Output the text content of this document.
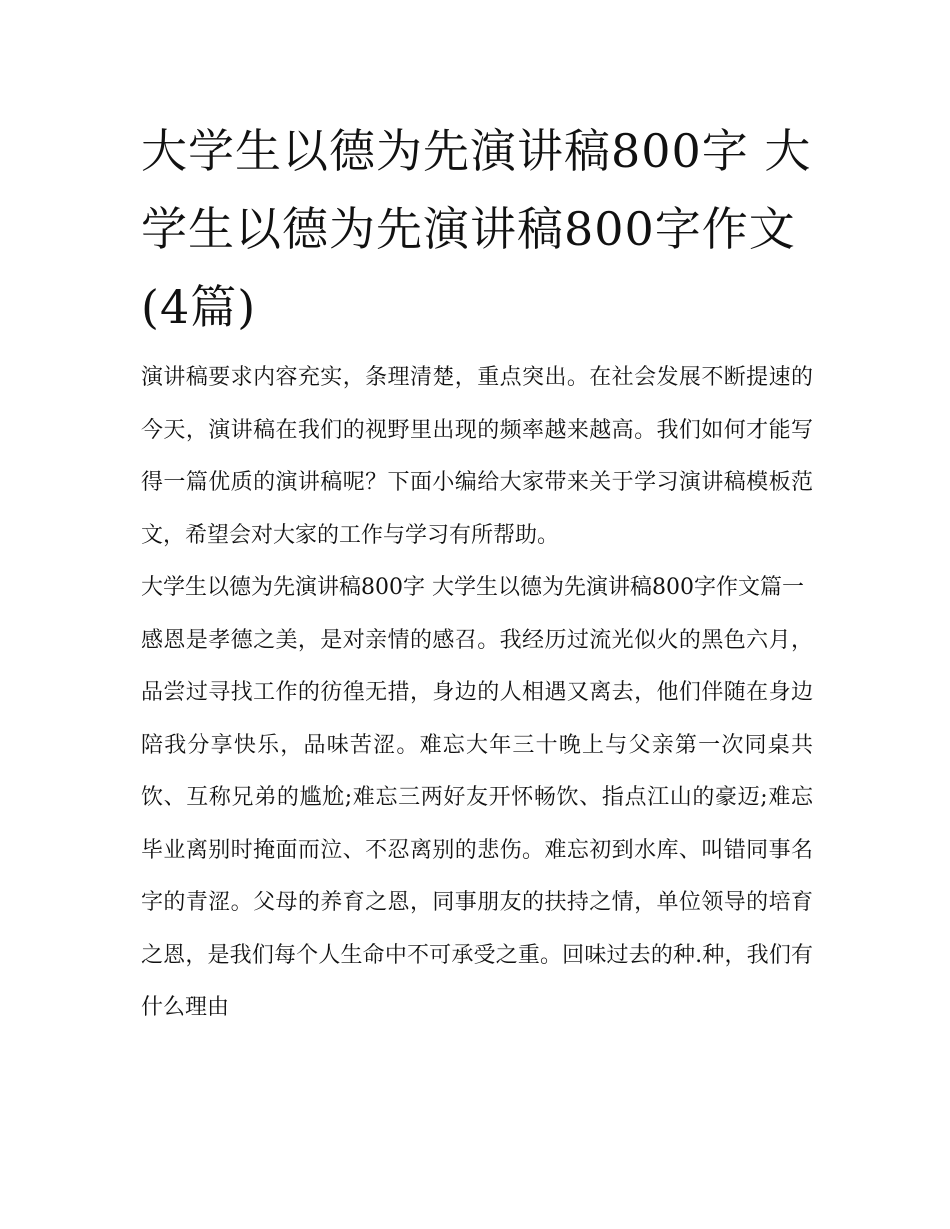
大学生以德为先演讲稿800字 大学生以德为先演讲稿800字作文(4篇)

演讲稿要求内容充实，条理清楚，重点突出。在社会发展不断提速的今天，演讲稿在我们的视野里出现的频率越来越高。我们如何才能写得一篇优质的演讲稿呢？下面小编给大家带来关于学习演讲稿模板范文，希望会对大家的工作与学习有所帮助。

大学生以德为先演讲稿800字 大学生以德为先演讲稿800字作文篇一

感恩是孝德之美，是对亲情的感召。我经历过流光似火的黑色六月，品尝过寻找工作的彷徨无措，身边的人相遇又离去，他们伴随在身边陪我分享快乐，品味苦涩。难忘大年三十晚上与父亲第一次同桌共饮、互称兄弟的尴尬;难忘三两好友开怀畅饮、指点江山的豪迈;难忘毕业离别时掩面而泣、不忍离别的悲伤。难忘初到水库、叫错同事名字的青涩。父母的养育之恩，同事朋友的扶持之情，单位领导的培育之恩，是我们每个人生命中不可承受之重。回味过去的种.种，我们有什么理由
